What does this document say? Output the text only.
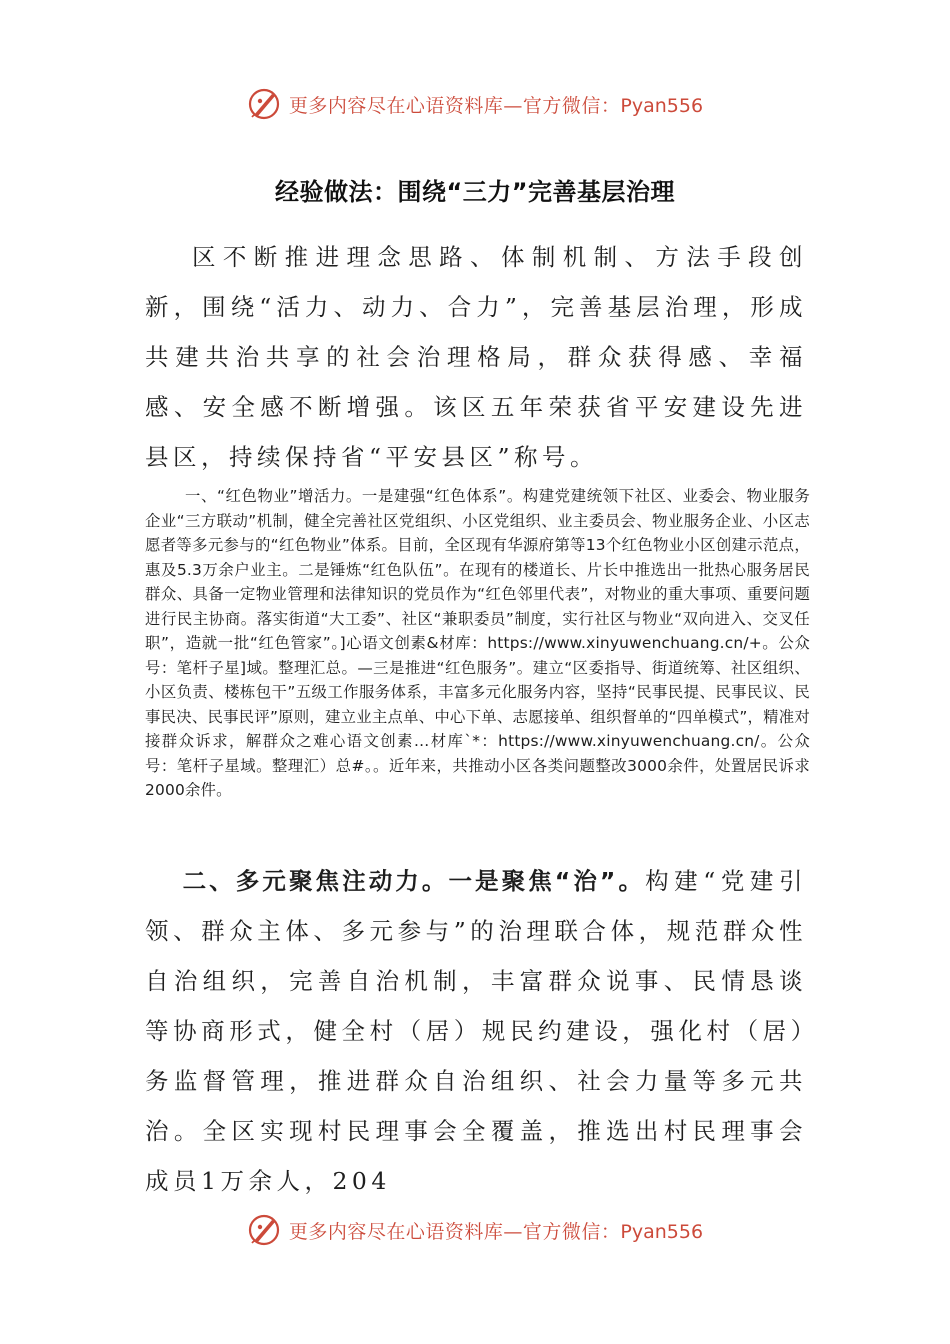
更多内容尽在心语资料库—官方微信：Pyan556
经验做法：围绕“三力”完善基层治理
区不断推进理念思路、体制机制、方法手段创新，围绕“活力、动力、合力”，完善基层治理，形成共建共治共享的社会治理格局，群众获得感、幸福感、安全感不断增强。该区五年荣获省平安建设先进县区，持续保持省“平安县区”称号。
一、“红色物业”增活力。一是建强“红色体系”。构建党建统领下社区、业委会、物业服务企业“三方联动”机制，健全完善社区党组织、小区党组织、业主委员会、物业服务企业、小区志愿者等多元参与的“红色物业”体系。目前，全区现有华源府第等13个红色物业小区创建示范点，惠及5.3万余户业主。二是锤炼“红色队伍”。在现有的楼道长、片长中推选出一批热心服务居民群众、具备一定物业管理和法律知识的党员作为“红色邻里代表”，对物业的重大事项、重要问题进行民主协商。落实街道“大工委”、社区“兼职委员”制度，实行社区与物业“双向进入、交叉任职”，造就一批“红色管家”。]心语文创素&材库：https://www.xinyuwenchuang.cn/+。公众号：笔杆子星]域。整理汇总。—三是推进“红色服务”。建立“区委指导、街道统筹、社区组织、小区负责、楼栋包干”五级工作服务体系，丰富多元化服务内容，坚持“民事民提、民事民议、民事民决、民事民评”原则，建立业主点单、中心下单、志愿接单、组织督单的“四单模式”，精准对接群众诉求，解群众之难心语文创素…材库`*：https://www.xinyuwenchuang.cn/。公众号：笔杆子星域。整理汇）总#。。近年来，共推动小区各类问题整改3000余件，处置居民诉求2000余件。
二、多元聚焦注动力。一是聚焦“治”。构建“党建引领、群众主体、多元参与”的治理联合体，规范群众性自治组织，完善自治机制，丰富群众说事、民情恳谈等协商形式，健全村（居）规民约建设，强化村（居）务监督管理，推进群众自治组织、社会力量等多元共治。全区实现村民理事会全覆盖，推选出村民理事会成员1万余人，204
更多内容尽在心语资料库—官方微信：Pyan556
